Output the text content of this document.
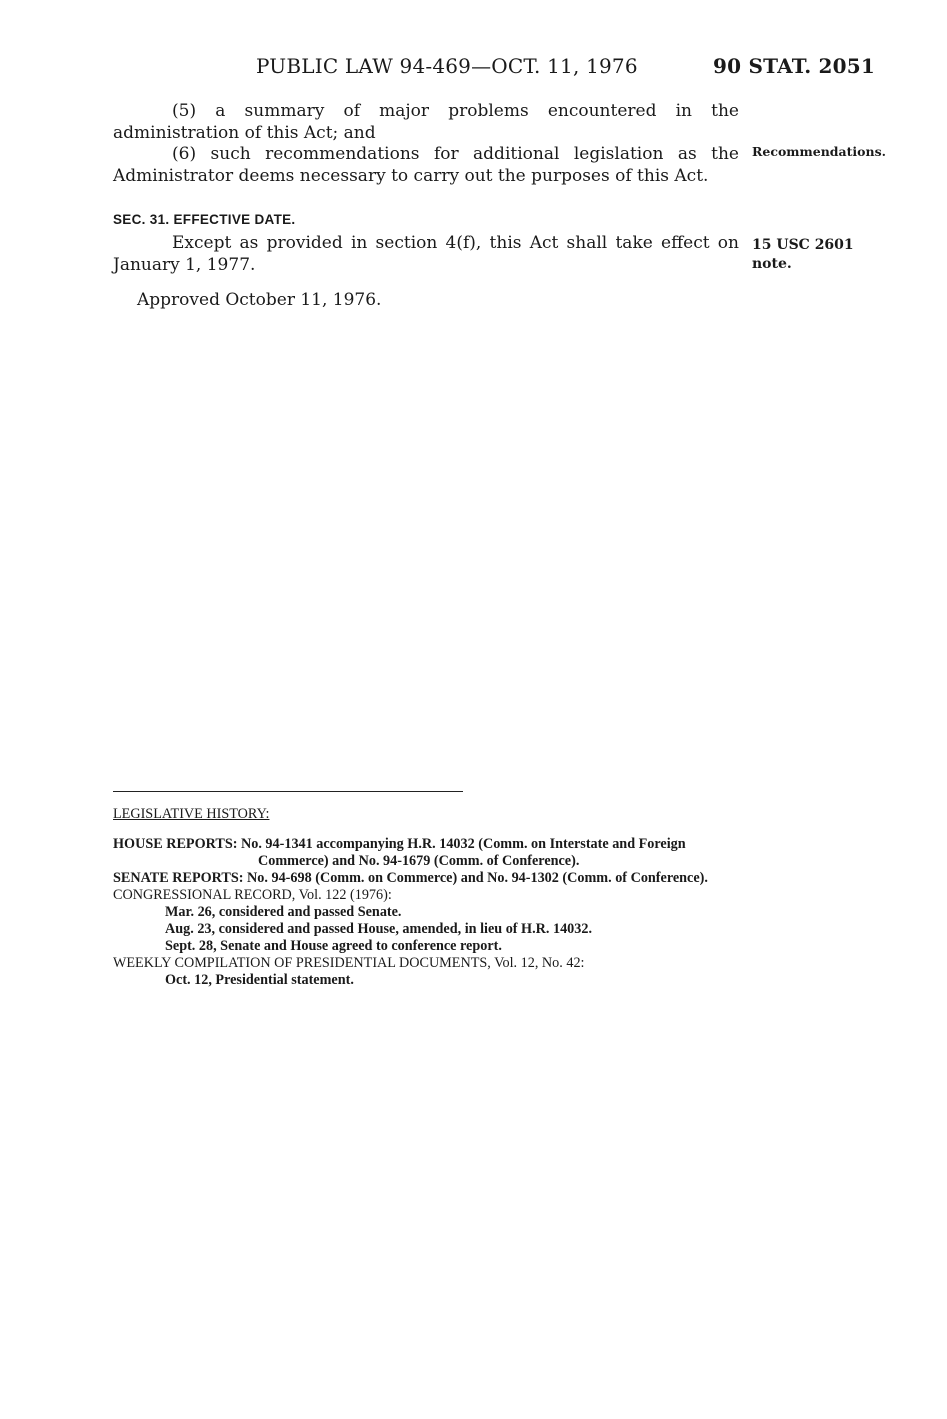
PUBLIC LAW 94-469—OCT. 11, 1976	90 STAT. 2051
(5) a summary of major problems encountered in the administration of this Act; and
(6) such recommendations for additional legislation as the Administrator deems necessary to carry out the purposes of this Act.
Recommendations.
SEC. 31. EFFECTIVE DATE.
Except as provided in section 4(f), this Act shall take effect on January 1, 1977.
15 USC 2601 note.
Approved October 11, 1976.
LEGISLATIVE HISTORY:
HOUSE REPORTS: No. 94-1341 accompanying H.R. 14032 (Comm. on Interstate and Foreign Commerce) and No. 94-1679 (Comm. of Conference).
SENATE REPORTS: No. 94-698 (Comm. on Commerce) and No. 94-1302 (Comm. of Conference).
CONGRESSIONAL RECORD, Vol. 122 (1976):
Mar. 26, considered and passed Senate.
Aug. 23, considered and passed House, amended, in lieu of H.R. 14032.
Sept. 28, Senate and House agreed to conference report.
WEEKLY COMPILATION OF PRESIDENTIAL DOCUMENTS, Vol. 12, No. 42:
Oct. 12, Presidential statement.
